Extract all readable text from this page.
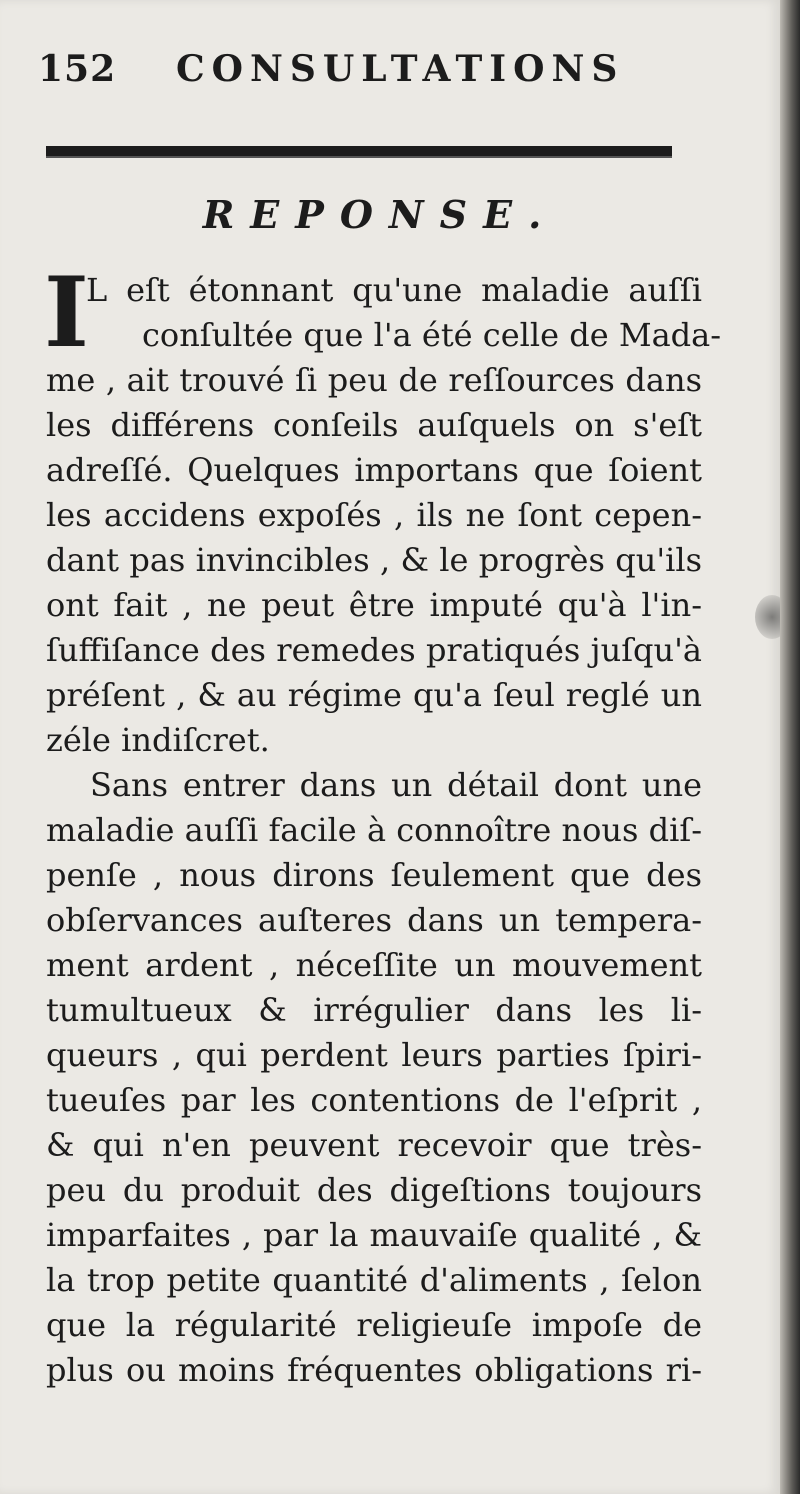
152 CONSULTATIONS
REPONSE.
I
L eſt étonnant qu'une maladie auſſi
conſultée que l'a été celle de Mada-
me , ait trouvé ſi peu de reſſources dans
les différens conſeils auſquels on s'eſt
adreſſé. Quelques importans que ſoient
les accidens expoſés , ils ne ſont cepen-
dant pas invincibles , & le progrès qu'ils
ont fait , ne peut être imputé qu'à l'in-
ſuffiſance des remedes pratiqués juſqu'à
préſent , & au régime qu'a ſeul reglé un
zéle indiſcret.
Sans entrer dans un détail dont une
maladie auſſi facile à connoître nous diſ-
penſe , nous dirons ſeulement que des
obſervances auſteres dans un tempera-
ment ardent , néceſſite un mouvement
tumultueux & irrégulier dans les li-
queurs , qui perdent leurs parties ſpiri-
tueuſes par les contentions de l'eſprit ,
& qui n'en peuvent recevoir que très-
peu du produit des digeſtions toujours
imparfaites , par la mauvaiſe qualité , &
la trop petite quantité d'aliments , ſelon
que la régularité religieuſe impoſe de
plus ou moins fréquentes obligations ri-
